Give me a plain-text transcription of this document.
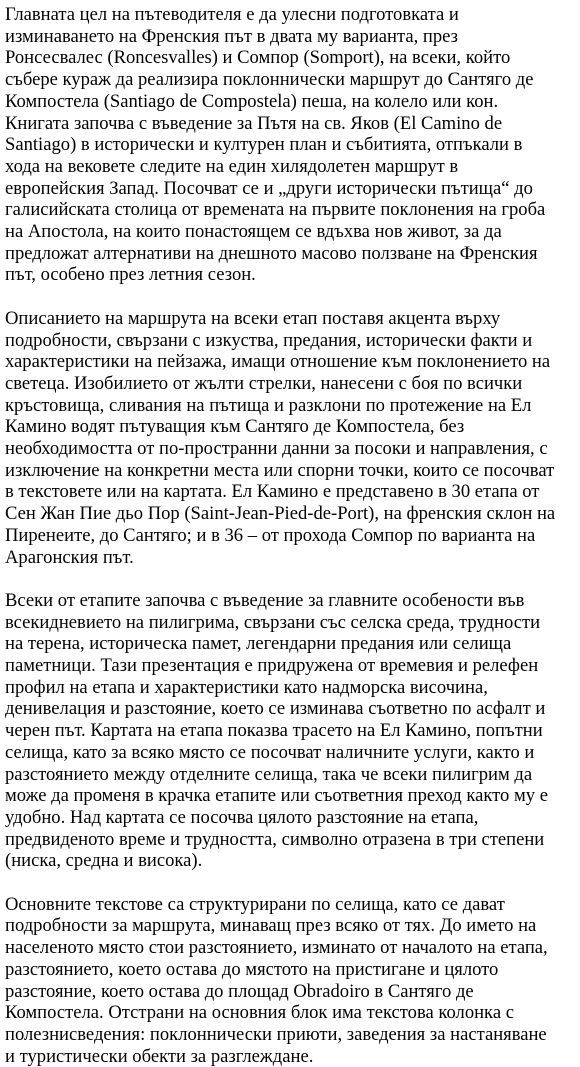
Главната цел на пътеводителя е да улесни подготовката и
изминаването на Френския път в двата му варианта, през
Ронсесвалес (Roncesvalles) и Сомпор (Somport), на всеки, който
събере кураж да реализира поклоннически маршрут до Сантяго де
Компостела (Santiago de Compostela) пеша, на колело или кон.
Книгата започва с въведение за Пътя на св. Яков (El Camino de
Santiago) в исторически и културен план и събитията, отпъкали в
хода на вековете следите на един хилядолетен маршрут в
европейския Запад. Посочват се и „други исторически пътища“ до
галисийската столица от времената на първите поклонения на гроба
на Апостола, на които понастоящем се вдъхва нов живот, за да
предложат алтернативи на днешното масово ползване на Френския
път, особено през летния сезон.
Описанието на маршрута на всеки етап поставя акцента върху
подробности, свързани с изкуства, предания, исторически факти и
характеристики на пейзажа, имащи отношение към поклонението на
светеца. Изобилието от жълти стрелки, нанесени с боя по всички
кръстовища, сливания на пътища и разклони по протежение на Ел
Камино водят пътуващия към Сантяго де Компостела, без
необходимостта от по-пространни данни за посоки и направления, с
изключение на конкретни места или спорни точки, които се посочват
в текстовете или на картата. Ел Камино е представено в 30 етапа от
Сен Жан Пие дьо Пор (Saint-Jean-Pied-de-Port), на френския склон на
Пиренеите, до Сантяго; и в 36 – от прохода Сомпор по варианта на
Арагонския път.
Всеки от етапите започва с въведение за главните особености във
всекидневието на пилигрима, свързани със селска среда, трудности
на терена, историческа памет, легендарни предания или селища
паметници. Тази презентация е придружена от времевия и релефен
профил на етапа и характеристики като надморска височина,
денивелация и разстояние, което се изминава съответно по асфалт и
черен път. Картата на етапа показва трасето на Ел Камино, попътни
селища, като за всяко място се посочват наличните услуги, както и
разстоянието между отделните селища, така че всеки пилигрим да
може да променя в крачка етапите или съответния преход както му е
удобно. Над картата се посочва цялото разстояние на етапа,
предвиденото време и трудността, символно отразена в три степени
(ниска, средна и висока).
Основните текстове са структурирани по селища, като се дават
подробности за маршрута, минаващ през всяко от тях. До името на
населеното място стои разстоянието, изминато от началото на етапа,
разстоянието, което остава до мястото на пристигане и цялото
разстояние, което остава до площад Obradoiro в Сантяго де
Компостела. Отстрани на основния блок има текстова колонка с
полезнисведения: поклоннически приюти, заведения за настаняване
и туристически обекти за разглеждане.
